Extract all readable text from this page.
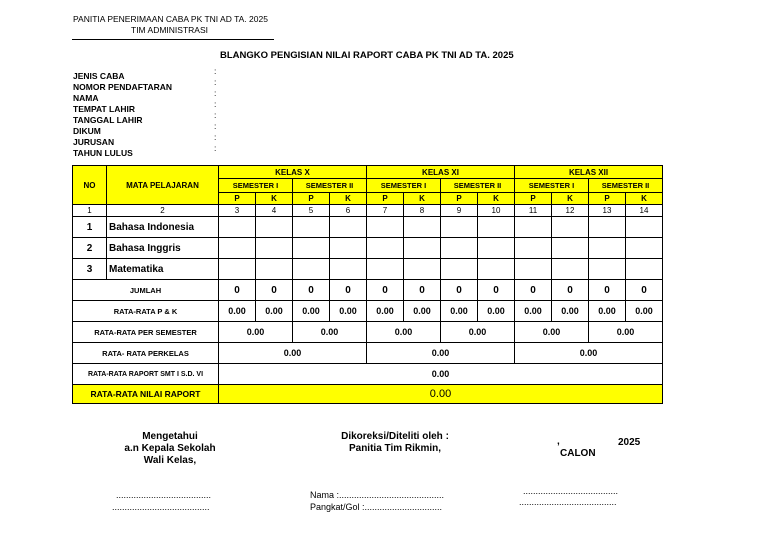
PANITIA PENERIMAAN CABA PK TNI AD TA. 2025
TIM ADMINISTRASI
BLANGKO PENGISIAN NILAI RAPORT CABA PK TNI AD TA. 2025
JENIS CABA	:
NOMOR PENDAFTARAN	:
NAMA	:
TEMPAT LAHIR	:
TANGGAL LAHIR	:
DIKUM	:
JURUSAN	:
TAHUN LULUS	:
NO	MATA PELAJARAN	KELAS X				KELAS XI				KELAS XII			
		SEMESTER I		SEMESTER II		SEMESTER I		SEMESTER II		SEMESTER I		SEMESTER II	
		P	K	P	K	P	K	P	K	P	K	P	K
1	2	3	4	5	6	7	8	9	10	11	12	13	14
1	Bahasa Indonesia												
2	Bahasa Inggris												
3	Matematika												
JUMLAH		0	0	0	0	0	0	0	0	0	0	0	0
RATA-RATA P & K		0.00	0.00	0.00	0.00	0.00	0.00	0.00	0.00	0.00	0.00	0.00	0.00
RATA-RATA PER SEMESTER		0.00		0.00		0.00		0.00		0.00		0.00	
RATA- RATA PERKELAS		0.00				0.00				0.00			
RATA-RATA RAPORT SMT I S.D. VI		0.00											
RATA-RATA NILAI RAPORT		0.00											
Mengetahui
a.n Kepala Sekolah
Wali Kelas,
Dikoreksi/Diteliti oleh :
Panitia Tim Rikmin,
,	2025
CALON
......................................
.......................................
Nama :..........................................
Pangkat/Gol :...............................
......................................
.......................................
